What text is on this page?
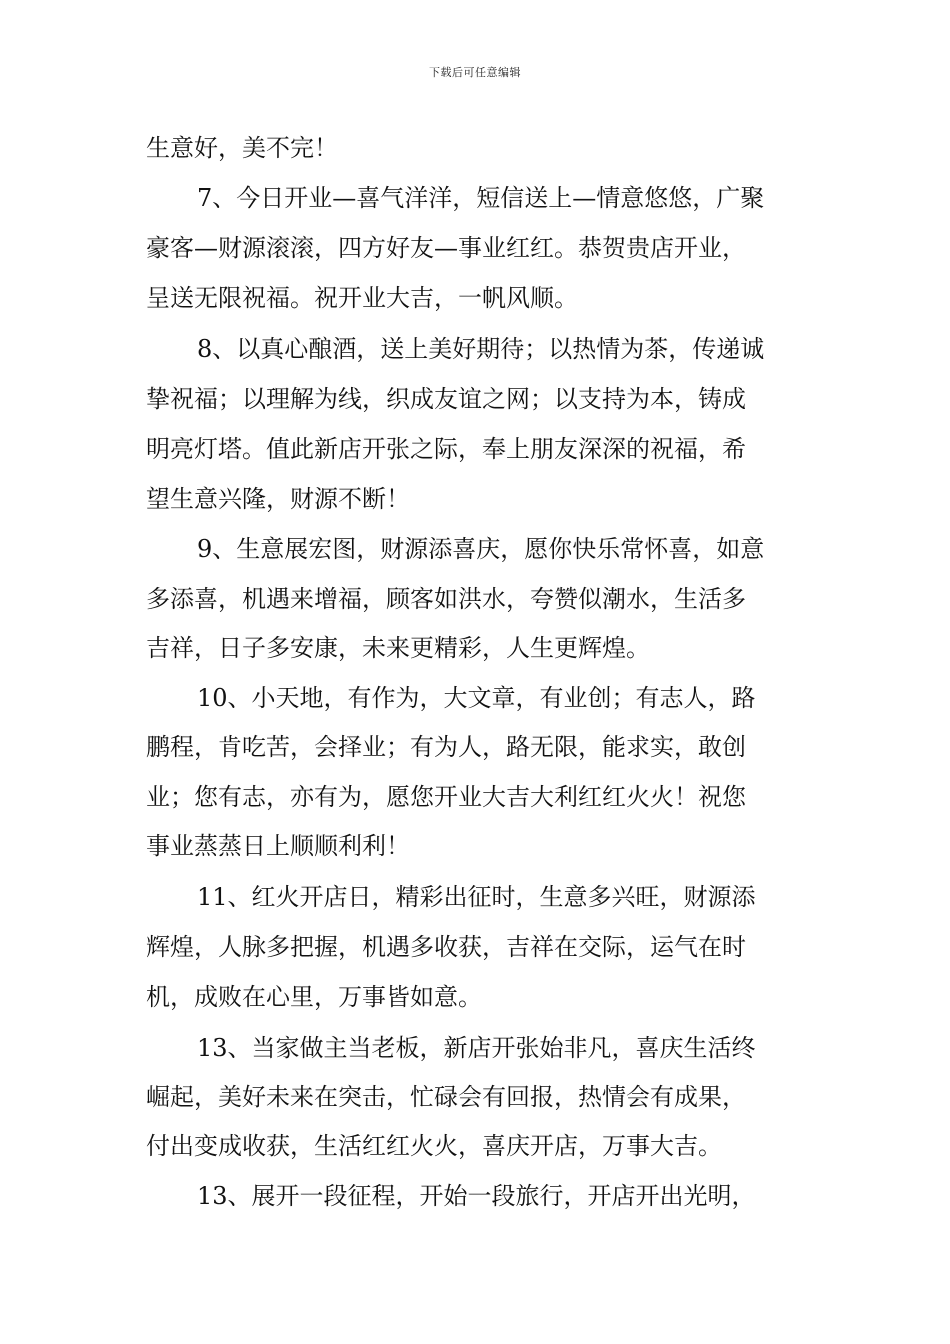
下载后可任意编辑
生意好，美不完！
7、今日开业—喜气洋洋，短信送上—情意悠悠，广聚
豪客—财源滚滚，四方好友—事业红红。恭贺贵店开业，
呈送无限祝福。祝开业大吉，一帆风顺。
8、以真心酿酒，送上美好期待；以热情为茶，传递诚
挚祝福；以理解为线，织成友谊之网；以支持为本，铸成
明亮灯塔。值此新店开张之际，奉上朋友深深的祝福，希
望生意兴隆，财源不断！
9、生意展宏图，财源添喜庆，愿你快乐常怀喜，如意
多添喜，机遇来增福，顾客如洪水，夸赞似潮水，生活多
吉祥，日子多安康，未来更精彩，人生更辉煌。
10、小天地，有作为，大文章，有业创；有志人，路
鹏程，肯吃苦，会择业；有为人，路无限，能求实，敢创
业；您有志，亦有为，愿您开业大吉大利红红火火！祝您
事业蒸蒸日上顺顺利利！
11、红火开店日，精彩出征时，生意多兴旺，财源添
辉煌，人脉多把握，机遇多收获，吉祥在交际，运气在时
机，成败在心里，万事皆如意。
13、当家做主当老板，新店开张始非凡，喜庆生活终
崛起，美好未来在突击，忙碌会有回报，热情会有成果，
付出变成收获，生活红红火火，喜庆开店，万事大吉。
13、展开一段征程，开始一段旅行，开店开出光明，
